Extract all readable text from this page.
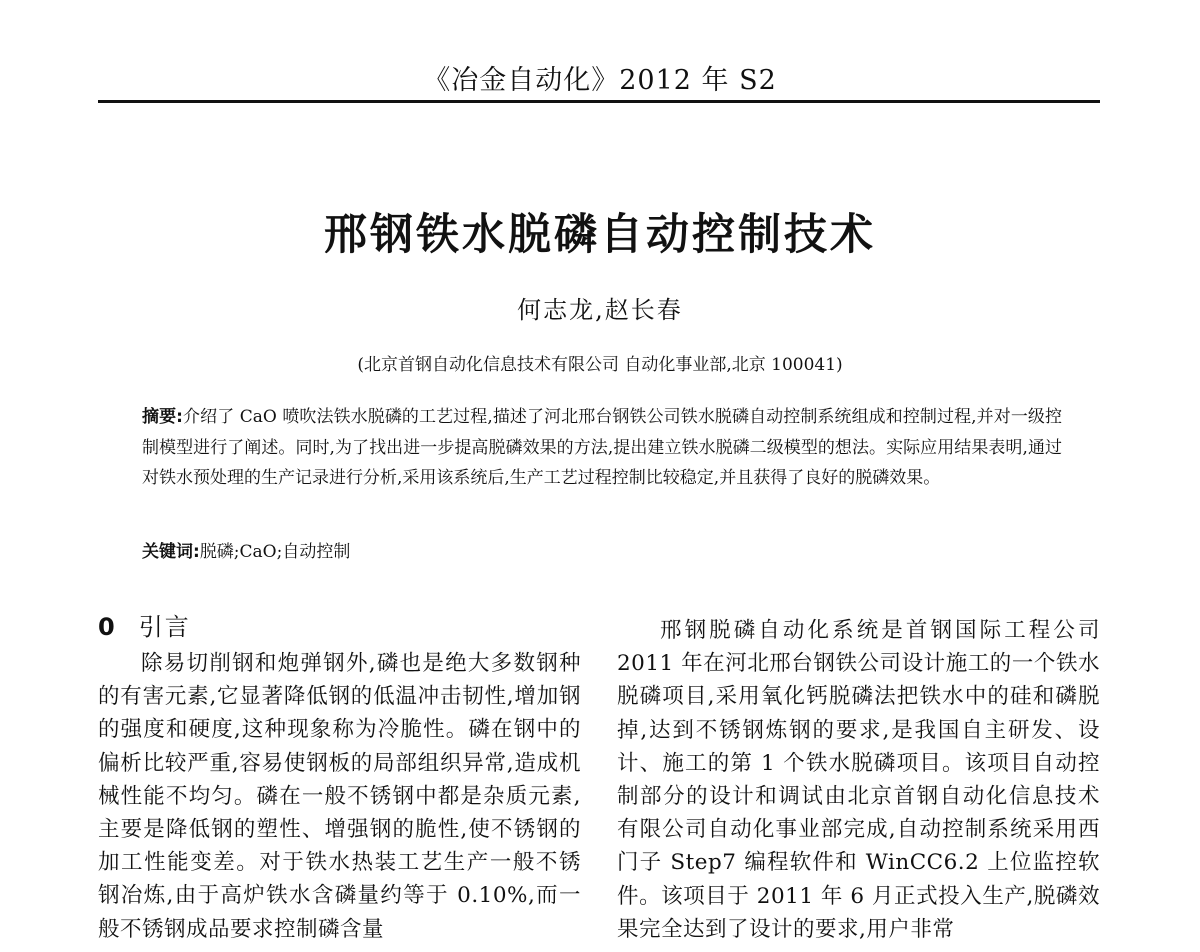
《冶金自动化》2012 年 S2
邢钢铁水脱磷自动控制技术
何志龙,赵长春
(北京首钢自动化信息技术有限公司 自动化事业部,北京 100041)
摘要:介绍了 CaO 喷吹法铁水脱磷的工艺过程,描述了河北邢台钢铁公司铁水脱磷自动控制系统组成和控制过程,并对一级控制模型进行了阐述。同时,为了找出进一步提高脱磷效果的方法,提出建立铁水脱磷二级模型的想法。实际应用结果表明,通过对铁水预处理的生产记录进行分析,采用该系统后,生产工艺过程控制比较稳定,并且获得了良好的脱磷效果。
关键词:脱磷;CaO;自动控制
0 引言

除易切削钢和炮弹钢外,磷也是绝大多数钢种的有害元素,它显著降低钢的低温冲击韧性,增加钢的强度和硬度,这种现象称为冷脆性。磷在钢中的偏析比较严重,容易使钢板的局部组织异常,造成机械性能不均匀。磷在一般不锈钢中都是杂质元素,主要是降低钢的塑性、增强钢的脆性,使不锈钢的加工性能变差。对于铁水热装工艺生产一般不锈钢冶炼,由于高炉铁水含磷量约等于 0.10%,而一般不锈钢成品要求控制磷含量

邢钢脱磷自动化系统是首钢国际工程公司 2011 年在河北邢台钢铁公司设计施工的一个铁水脱磷项目,采用氧化钙脱磷法把铁水中的硅和磷脱掉,达到不锈钢炼钢的要求,是我国自主研发、设计、施工的第 1 个铁水脱磷项目。该项目自动控制部分的设计和调试由北京首钢自动化信息技术有限公司自动化事业部完成,自动控制系统采用西门子 Step7 编程软件和 WinCC6.2 上位监控软件。该项目于 2011 年 6 月正式投入生产,脱磷效果完全达到了设计的要求,用户非常
